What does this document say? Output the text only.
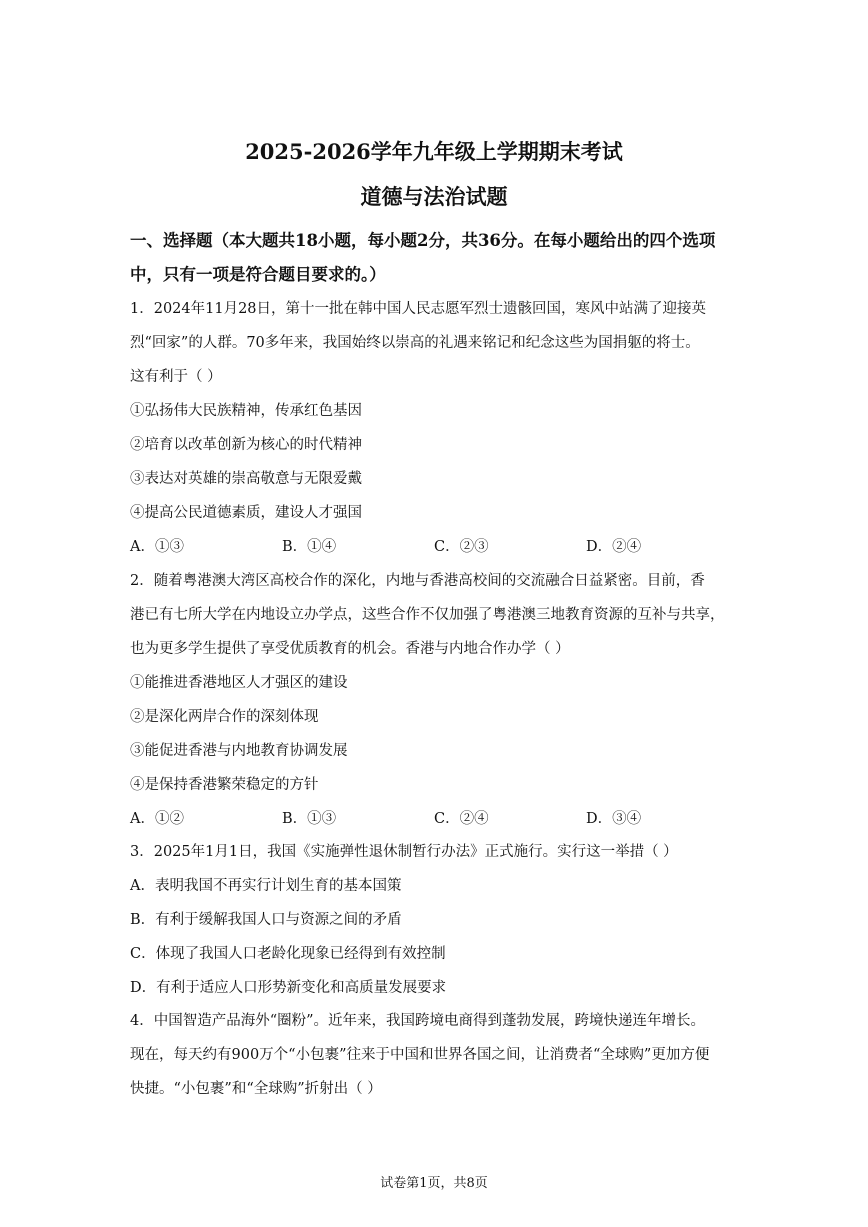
2025-2026学年九年级上学期期末考试
道德与法治试题

一、选择题（本大题共18小题，每小题2分，共36分。在每小题给出的四个选项中，只有一项是符合题目要求的。）

1．2024年11月28日，第十一批在韩中国人民志愿军烈士遗骸回国，寒风中站满了迎接英

烈“回家”的人群。70多年来，我国始终以崇高的礼遇来铭记和纪念这些为国捐躯的将士。

这有利于（ ）

①弘扬伟大民族精神，传承红色基因

②培育以改革创新为核心的时代精神

③表达对英雄的崇高敬意与无限爱戴

④提高公民道德素质，建设人才强国

A．①③	B．①④	C．②③	D．②④

2．随着粤港澳大湾区高校合作的深化，内地与香港高校间的交流融合日益紧密。目前，香

港已有七所大学在内地设立办学点，这些合作不仅加强了粤港澳三地教育资源的互补与共享，

也为更多学生提供了享受优质教育的机会。香港与内地合作办学（ ）

①能推进香港地区人才强区的建设

②是深化两岸合作的深刻体现

③能促进香港与内地教育协调发展

④是保持香港繁荣稳定的方针

A．①②	B．①③	C．②④	D．③④

3．2025年1月1日，我国《实施弹性退休制暂行办法》正式施行。实行这一举措（ ）

A．表明我国不再实行计划生育的基本国策

B．有利于缓解我国人口与资源之间的矛盾

C．体现了我国人口老龄化现象已经得到有效控制

D．有利于适应人口形势新变化和高质量发展要求

4．中国智造产品海外“圈粉”。近年来，我国跨境电商得到蓬勃发展，跨境快递连年增长。

现在，每天约有900万个“小包裹”往来于中国和世界各国之间，让消费者“全球购”更加方便

快捷。“小包裹”和“全球购”折射出（ ）

试卷第1页，共8页
